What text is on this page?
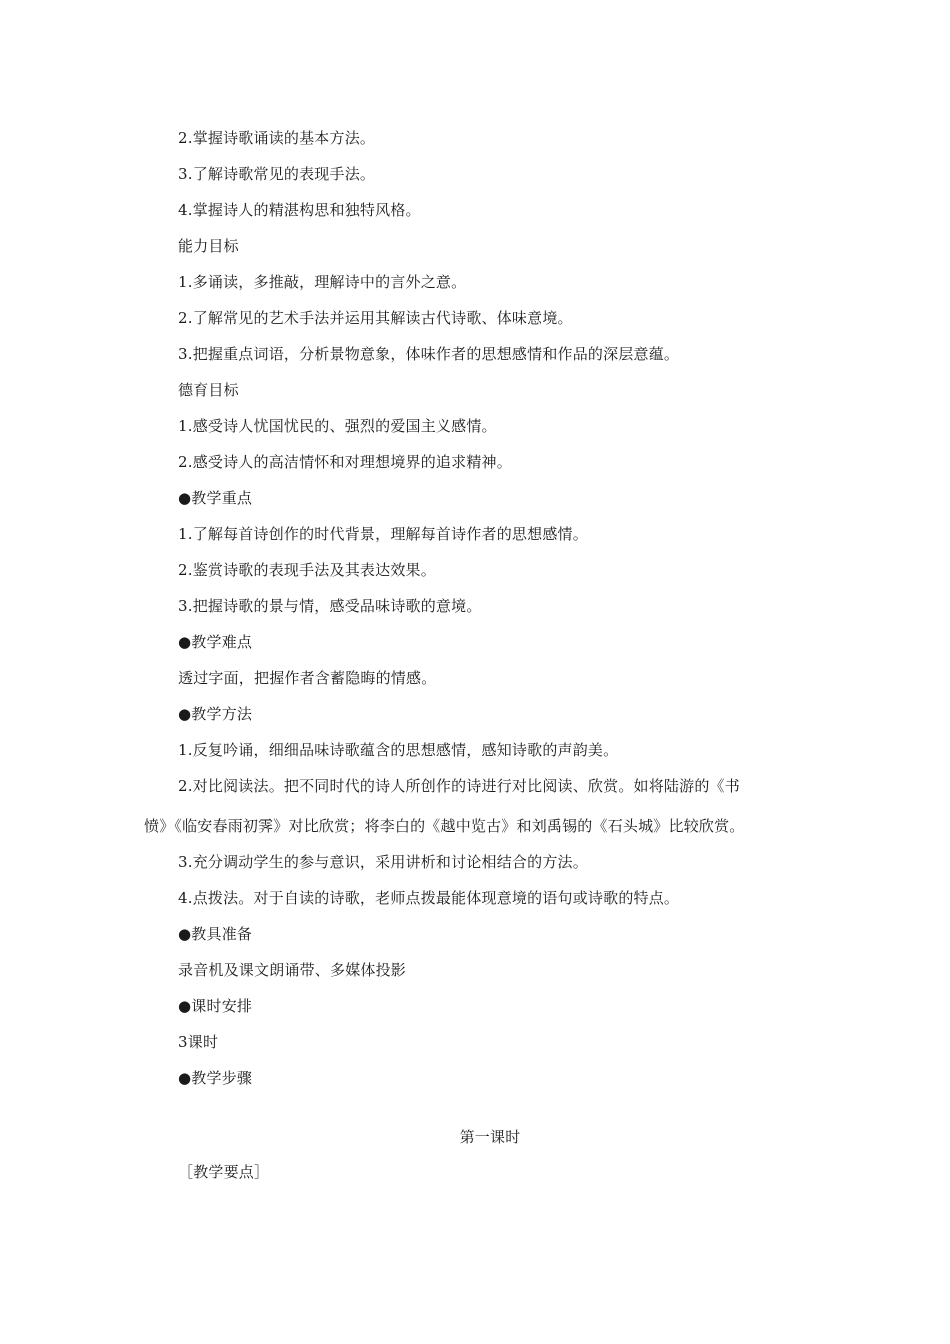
2.掌握诗歌诵读的基本方法。
3.了解诗歌常见的表现手法。
4.掌握诗人的精湛构思和独特风格。
能力目标
1.多诵读，多推敲，理解诗中的言外之意。
2.了解常见的艺术手法并运用其解读古代诗歌、体味意境。
3.把握重点词语，分析景物意象，体味作者的思想感情和作品的深层意蕴。
德育目标
1.感受诗人忧国忧民的、强烈的爱国主义感情。
2.感受诗人的高洁情怀和对理想境界的追求精神。
●教学重点
1.了解每首诗创作的时代背景，理解每首诗作者的思想感情。
2.鉴赏诗歌的表现手法及其表达效果。
3.把握诗歌的景与情，感受品味诗歌的意境。
●教学难点
透过字面，把握作者含蓄隐晦的情感。
●教学方法
1.反复吟诵，细细品味诗歌蕴含的思想感情，感知诗歌的声韵美。
2.对比阅读法。把不同时代的诗人所创作的诗进行对比阅读、欣赏。如将陆游的《书
愤》《临安春雨初霁》对比欣赏；将李白的《越中览古》和刘禹锡的《石头城》比较欣赏。
3.充分调动学生的参与意识，采用讲析和讨论相结合的方法。
4.点拨法。对于自读的诗歌，老师点拨最能体现意境的语句或诗歌的特点。
●教具准备
录音机及课文朗诵带、多媒体投影
●课时安排
3课时
●教学步骤
第一课时
［教学要点］
